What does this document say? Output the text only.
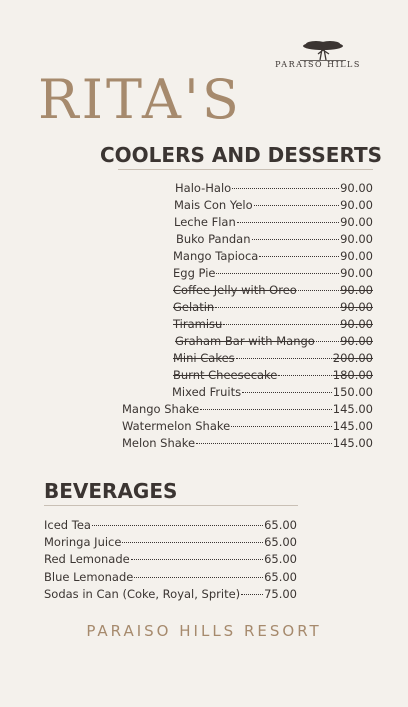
PARAISO HILLS
RITA'S
COOLERS AND DESSERTS
Halo-Halo	90.00
Mais Con Yelo	90.00
Leche Flan	90.00
Buko Pandan	90.00
Mango Tapioca	90.00
Egg Pie	90.00
Coffee Jelly with Oreo	90.00
Gelatin	90.00
Tiramisu	90.00
Graham Bar with Mango 90.00
Mini Cakes	200.00
Burnt Cheesecake	180.00
Mixed Fruits	150.00
Mango Shake	145.00
Watermelon Shake	145.00
Melon Shake	145.00
BEVERAGES
Iced Tea	65.00
Moringa Juice	65.00
Red Lemonade	65.00
Blue Lemonade	65.00
Sodas in Can (Coke, Royal, Sprite) 75.00
PARAISO HILLS RESORT
